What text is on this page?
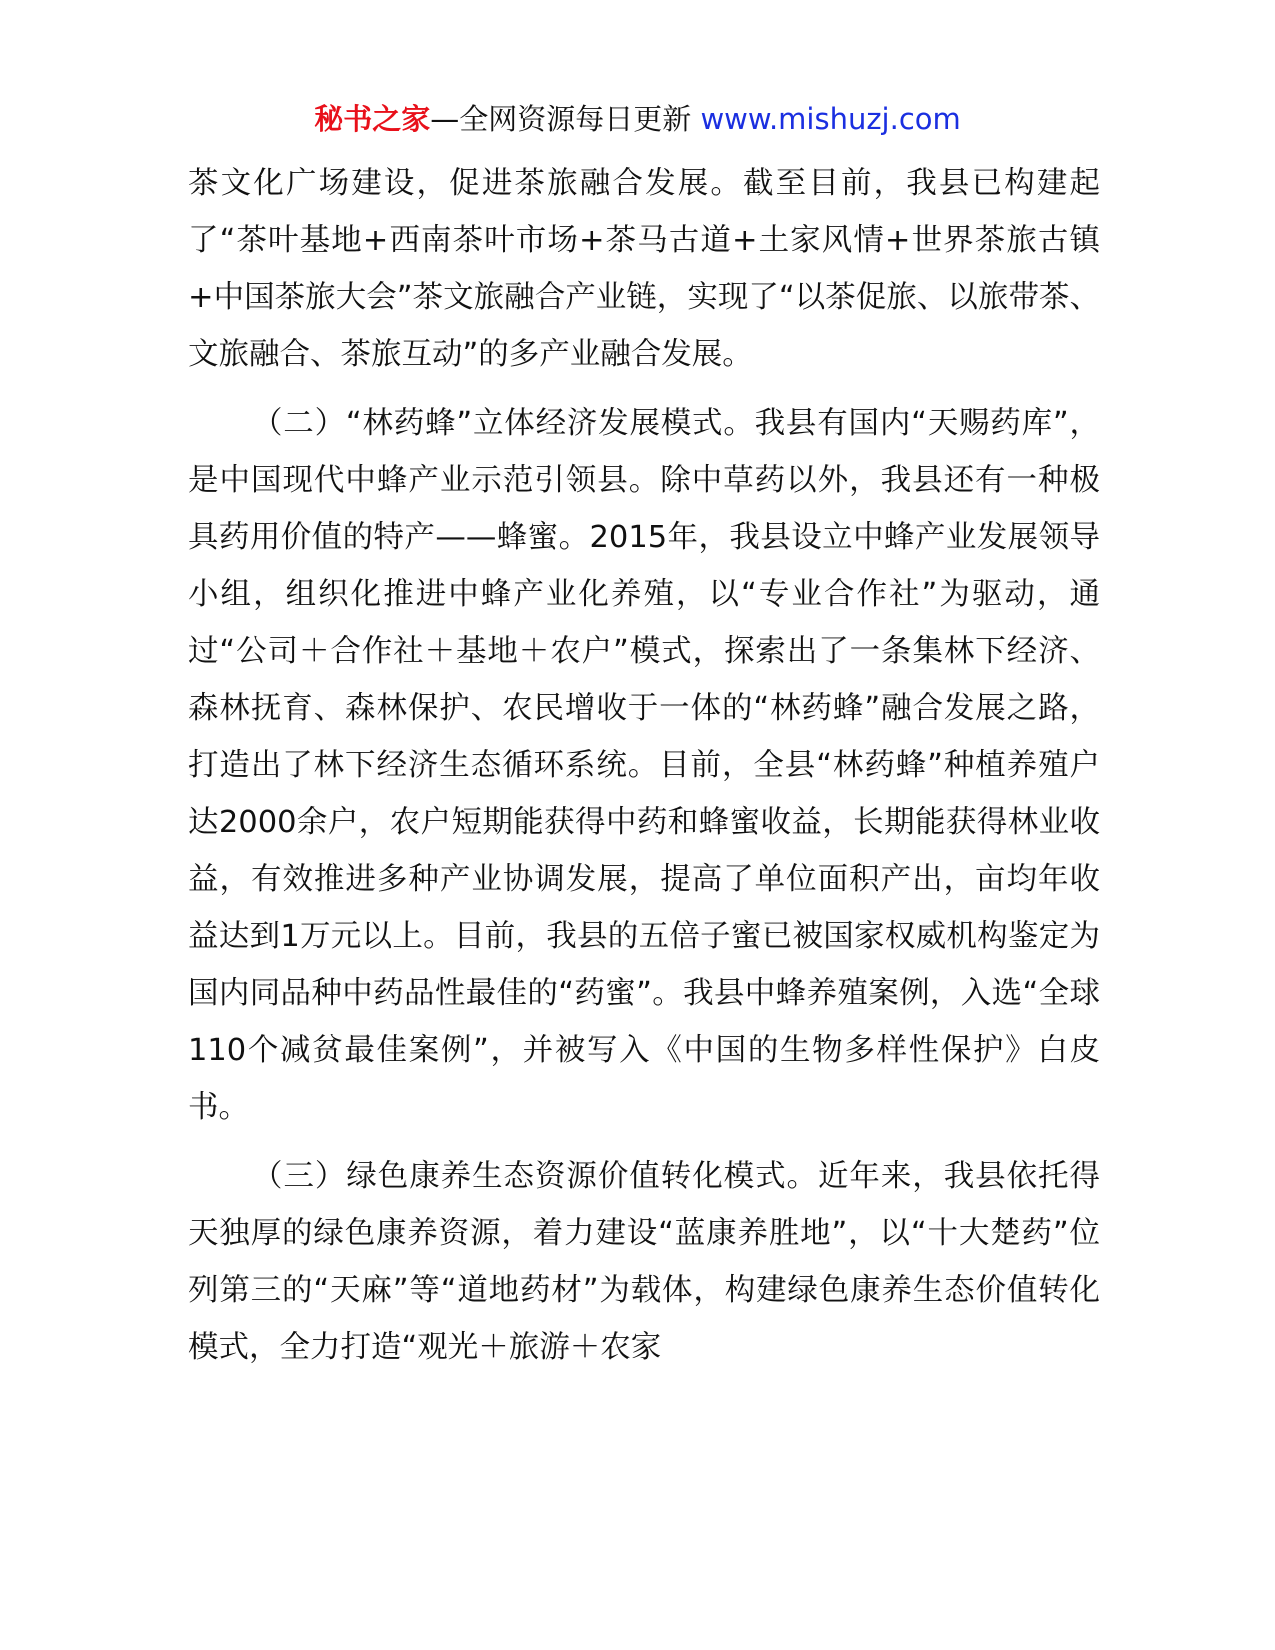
秘书之家—全网资源每日更新 www.mishuzj.com

茶文化广场建设，促进茶旅融合发展。截至目前，我县已构建起了“茶叶基地+西南茶叶市场+茶马古道+土家风情+世界茶旅古镇+中国茶旅大会”茶文旅融合产业链，实现了“以茶促旅、以旅带茶、文旅融合、茶旅互动”的多产业融合发展。

（二）“林药蜂”立体经济发展模式。我县有国内“天赐药库”，是中国现代中蜂产业示范引领县。除中草药以外，我县还有一种极具药用价值的特产——蜂蜜。2015年，我县设立中蜂产业发展领导小组，组织化推进中蜂产业化养殖，以“专业合作社”为驱动，通过“公司＋合作社＋基地＋农户”模式，探索出了一条集林下经济、森林抚育、森林保护、农民增收于一体的“林药蜂”融合发展之路，打造出了林下经济生态循环系统。目前，全县“林药蜂”种植养殖户达2000余户，农户短期能获得中药和蜂蜜收益，长期能获得林业收益，有效推进多种产业协调发展，提高了单位面积产出，亩均年收益达到1万元以上。目前，我县的五倍子蜜已被国家权威机构鉴定为国内同品种中药品性最佳的“药蜜”。我县中蜂养殖案例，入选“全球110个减贫最佳案例”，并被写入《中国的生物多样性保护》白皮书。

（三）绿色康养生态资源价值转化模式。近年来，我县依托得天独厚的绿色康养资源，着力建设“蓝康养胜地”，以“十大楚药”位列第三的“天麻”等“道地药材”为载体，构建绿色康养生态价值转化模式，全力打造“观光＋旅游＋农家
